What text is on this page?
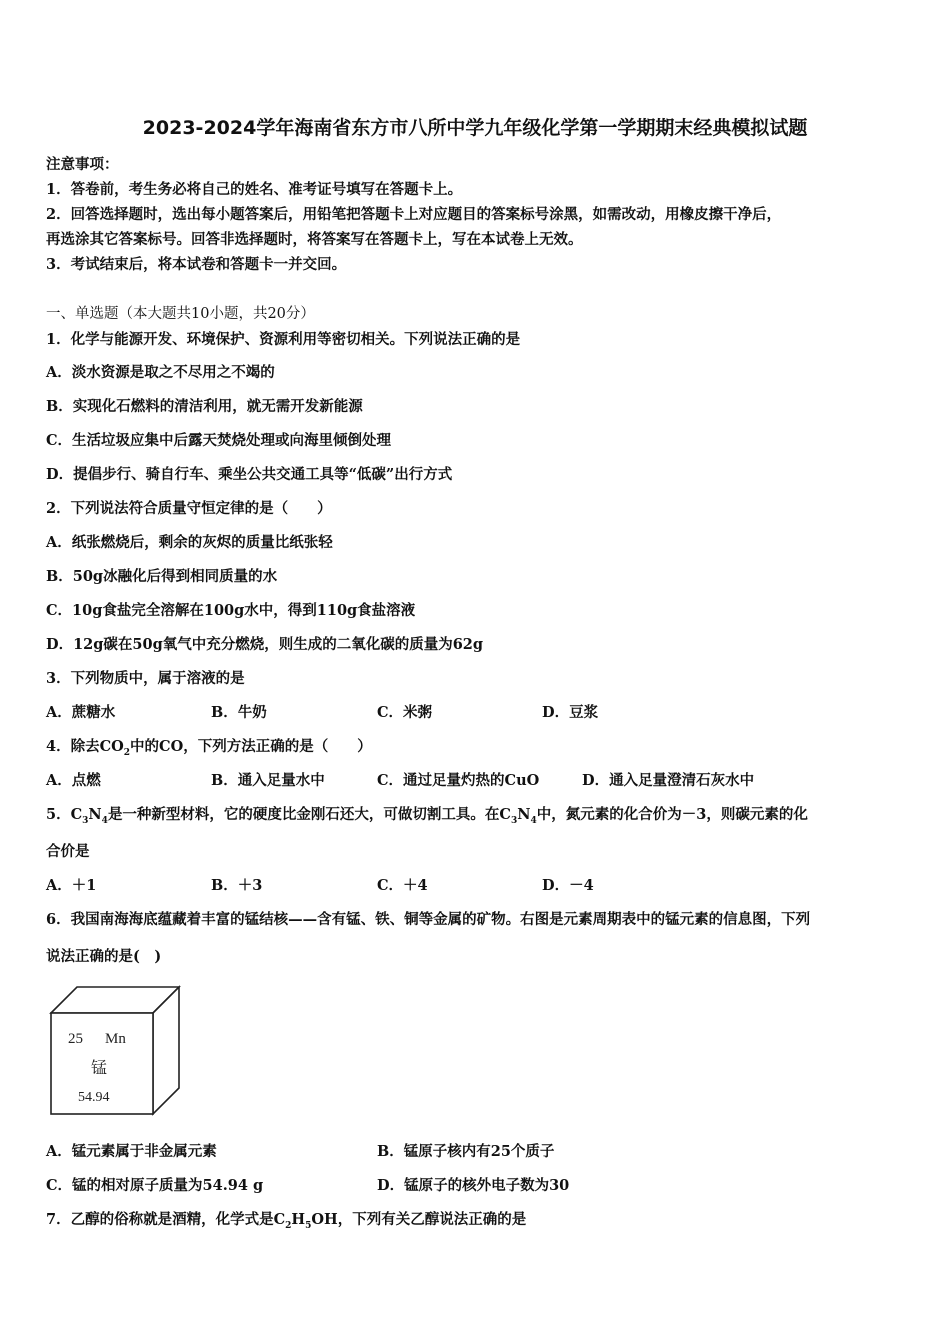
2023-2024学年海南省东方市八所中学九年级化学第一学期期末经典模拟试题
注意事项：
1．答卷前，考生务必将自己的姓名、准考证号填写在答题卡上。
2．回答选择题时，选出每小题答案后，用铅笔把答题卡上对应题目的答案标号涂黑，如需改动，用橡皮擦干净后，
再选涂其它答案标号。回答非选择题时，将答案写在答题卡上，写在本试卷上无效。
3．考试结束后，将本试卷和答题卡一并交回。
一、单选题（本大题共10小题，共20分）
1．化学与能源开发、环境保护、资源利用等密切相关。下列说法正确的是
A．淡水资源是取之不尽用之不竭的
B．实现化石燃料的清洁利用，就无需开发新能源
C．生活垃圾应集中后露天焚烧处理或向海里倾倒处理
D．提倡步行、骑自行车、乘坐公共交通工具等“低碳”出行方式
2．下列说法符合质量守恒定律的是（　　）
A．纸张燃烧后，剩余的灰烬的质量比纸张轻
B．50g冰融化后得到相同质量的水
C．10g食盐完全溶解在100g水中，得到110g食盐溶液
D．12g碳在50g氧气中充分燃烧，则生成的二氧化碳的质量为62g
3．下列物质中，属于溶液的是
A．蔗糖水	B．牛奶	C．米粥	D．豆浆
4．除去$CO_2$中的CO，下列方法正确的是（　　）
A．点燃	B．通入足量水中	C．通过足量灼热的CuO	D．通入足量澄清石灰水中
5．$C_3N_4$是一种新型材料，它的硬度比金刚石还大，可做切割工具。在$C_3N_4$中，氮元素的化合价为－3，则碳元素的化
合价是
A．＋1	B．＋3	C．＋4	D．－4
6．我国南海海底蕴藏着丰富的锰结核——含有锰、铁、铜等金属的矿物。右图是元素周期表中的锰元素的信息图，下列
说法正确的是(　)
25 Mn
锰
54.94
A．锰元素属于非金属元素	B．锰原子核内有25个质子
C．锰的相对原子质量为54.94 g	D．锰原子的核外电子数为30
7．乙醇的俗称就是酒精，化学式是$C_2H_5OH$，下列有关乙醇说法正确的是
